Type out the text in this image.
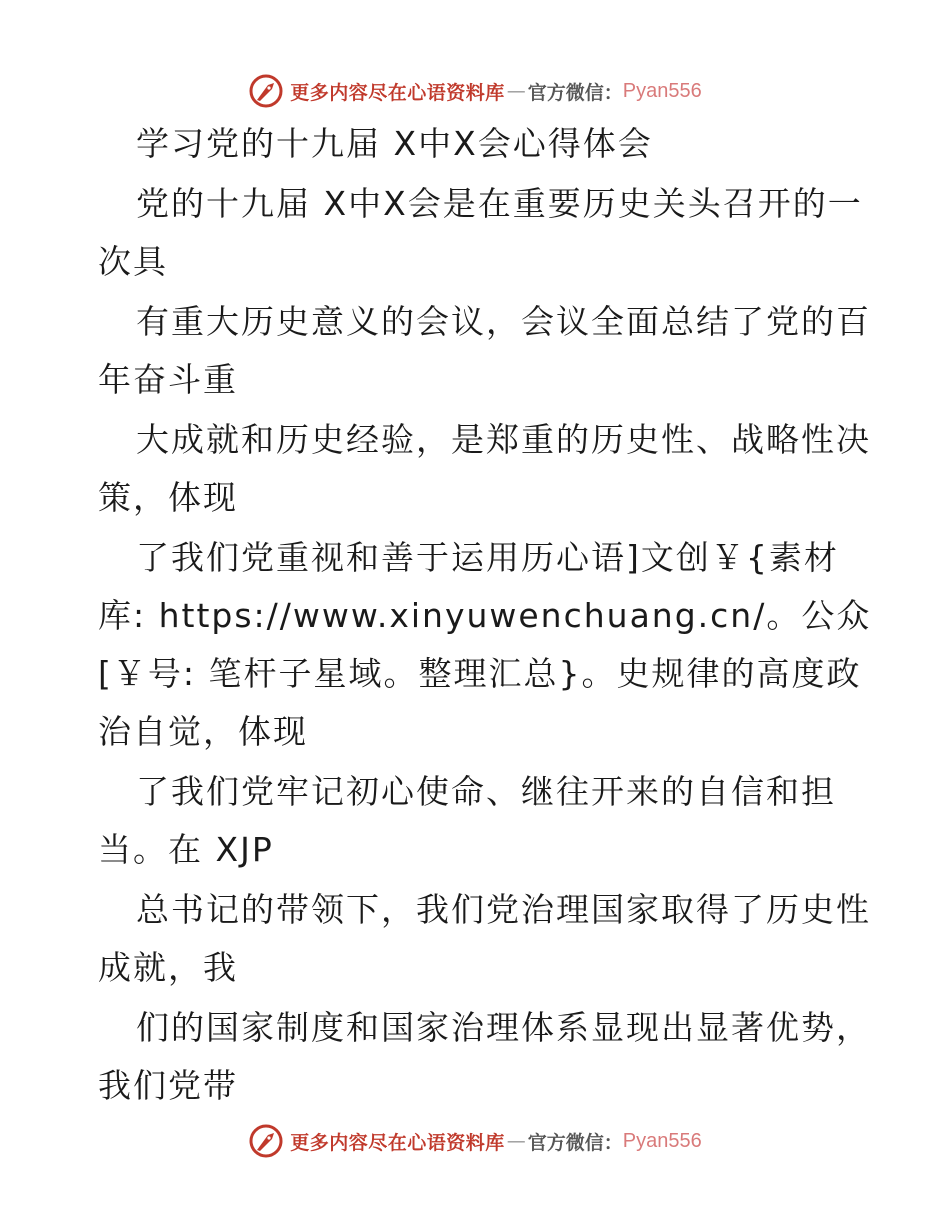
更多内容尽在心语资料库 — 官方微信： Pyan556
学习党的十九届 X中X会心得体会
党的十九届 X中X会是在重要历史关头召开的一
次具
有重大历史意义的会议，会议全面总结了党的百
年奋斗重
大成就和历史经验，是郑重的历史性、战略性决
策，体现
了我们党重视和善于运用历心语]文创￥{素材
库: https://www.xinyuwenchuang.cn/。公众
[￥号: 笔杆子星域。整理汇总}。史规律的高度政
治自觉，体现
了我们党牢记初心使命、继往开来的自信和担
当。在 XJP
总书记的带领下，我们党治理国家取得了历史性
成就，我
们的国家制度和国家治理体系显现出显著优势，
我们党带
更多内容尽在心语资料库 — 官方微信： Pyan556
